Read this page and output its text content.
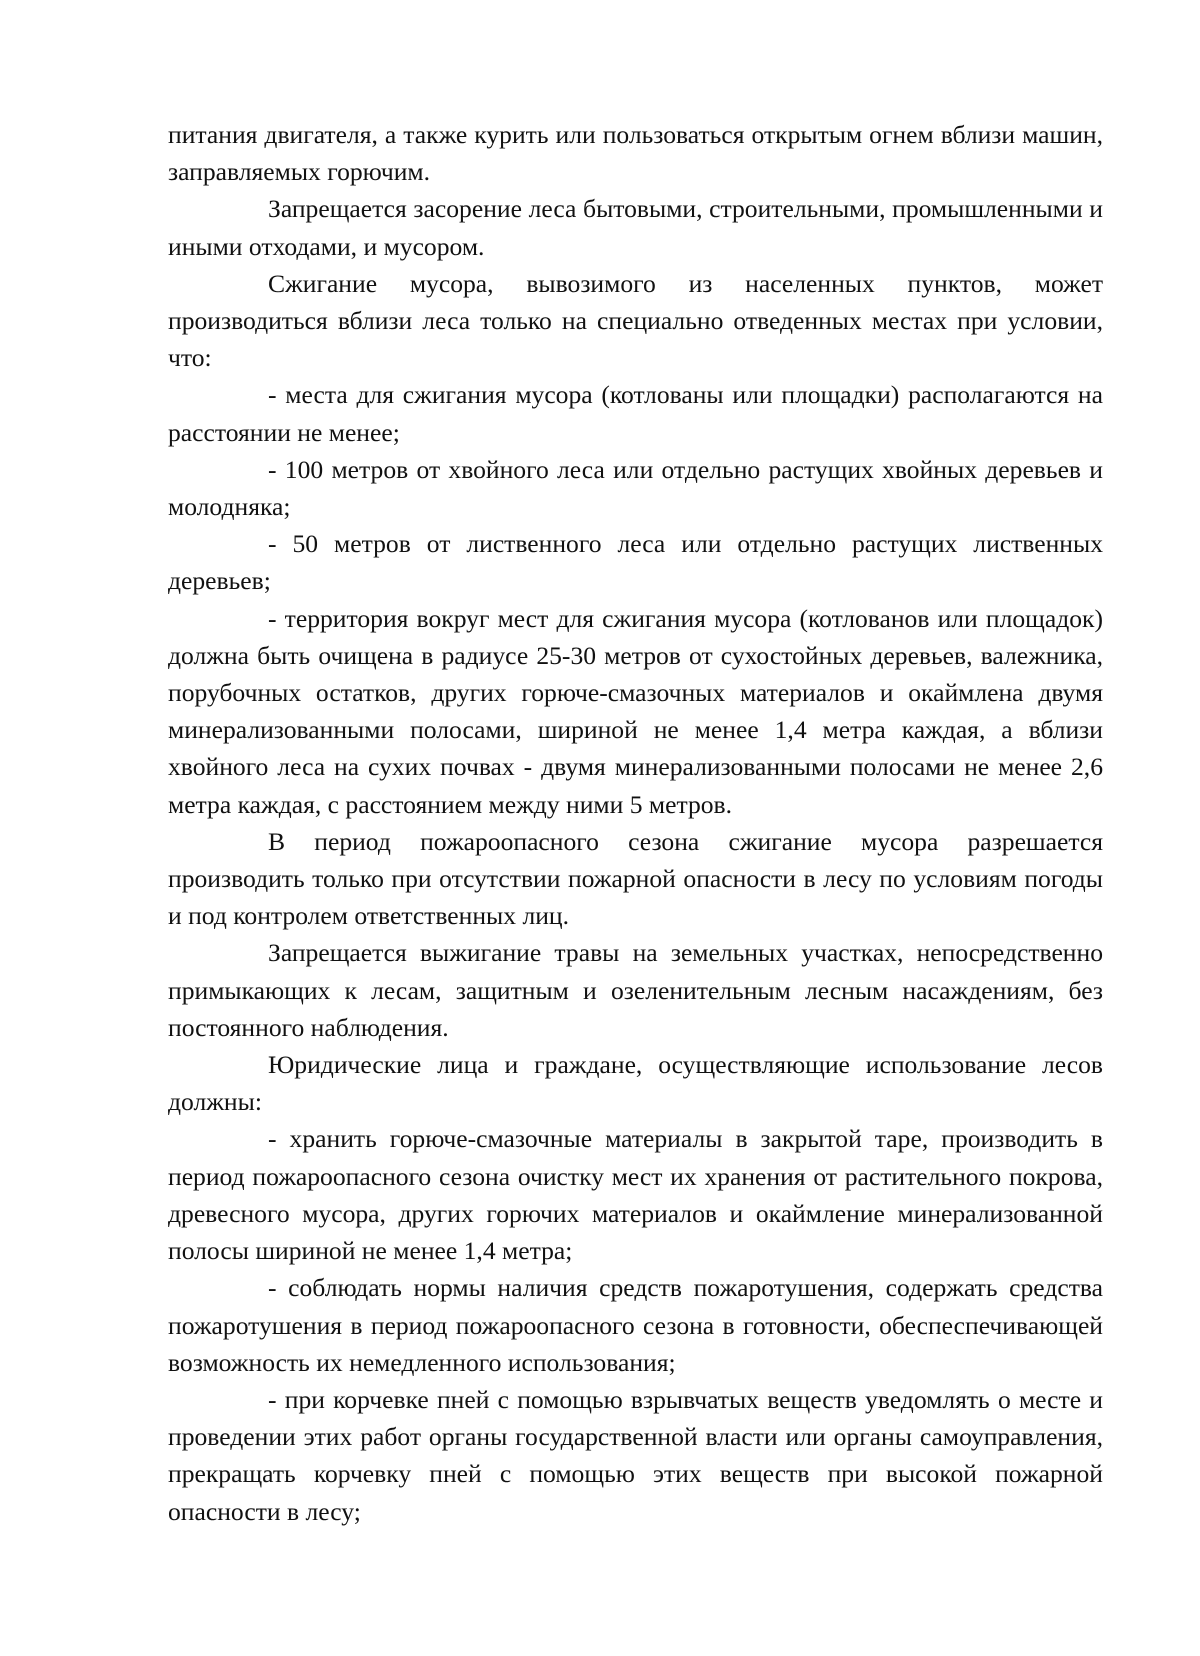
питания двигателя, а также курить или пользоваться открытым огнем вблизи машин, заправляемых горючим.

Запрещается засорение леса бытовыми, строительными, промышленными и иными отходами, и мусором.

Сжигание мусора, вывозимого из населенных пунктов, может производиться вблизи леса только на специально отведенных местах при условии, что:

- места для сжигания мусора (котлованы или площадки) располагаются на расстоянии не менее;

- 100 метров от хвойного леса или отдельно растущих хвойных деревьев и молодняка;

- 50 метров от лиственного леса или отдельно растущих лиственных деревьев;

- территория вокруг мест для сжигания мусора (котлованов или площадок) должна быть очищена в радиусе 25-30 метров от сухостойных деревьев, валежника, порубочных остатков, других горюче-смазочных материалов и окаймлена двумя минерализованными полосами, шириной не менее 1,4 метра каждая, а вблизи хвойного леса на сухих почвах - двумя минерализованными полосами не менее 2,6 метра каждая, с расстоянием между ними 5 метров.

В период пожароопасного сезона сжигание мусора разрешается производить только при отсутствии пожарной опасности в лесу по условиям погоды и под контролем ответственных лиц.

Запрещается выжигание травы на земельных участках, непосредственно примыкающих к лесам, защитным и озеленительным лесным насаждениям, без постоянного наблюдения.

Юридические лица и граждане, осуществляющие использование лесов должны:

- хранить горюче-смазочные материалы в закрытой таре, производить в период пожароопасного сезона очистку мест их хранения от растительного покрова, древесного мусора, других горючих материалов и окаймление минерализованной полосы шириной не менее 1,4 метра;

- соблюдать нормы наличия средств пожаротушения, содержать средства пожаротушения в период пожароопасного сезона в готовности, обеспеспечивающей возможность их немедленного использования;

- при корчевке пней с помощью взрывчатых веществ уведомлять о месте и проведении этих работ органы государственной власти или органы самоуправления, прекращать корчевку пней с помощью этих веществ при высокой пожарной опасности в лесу;
